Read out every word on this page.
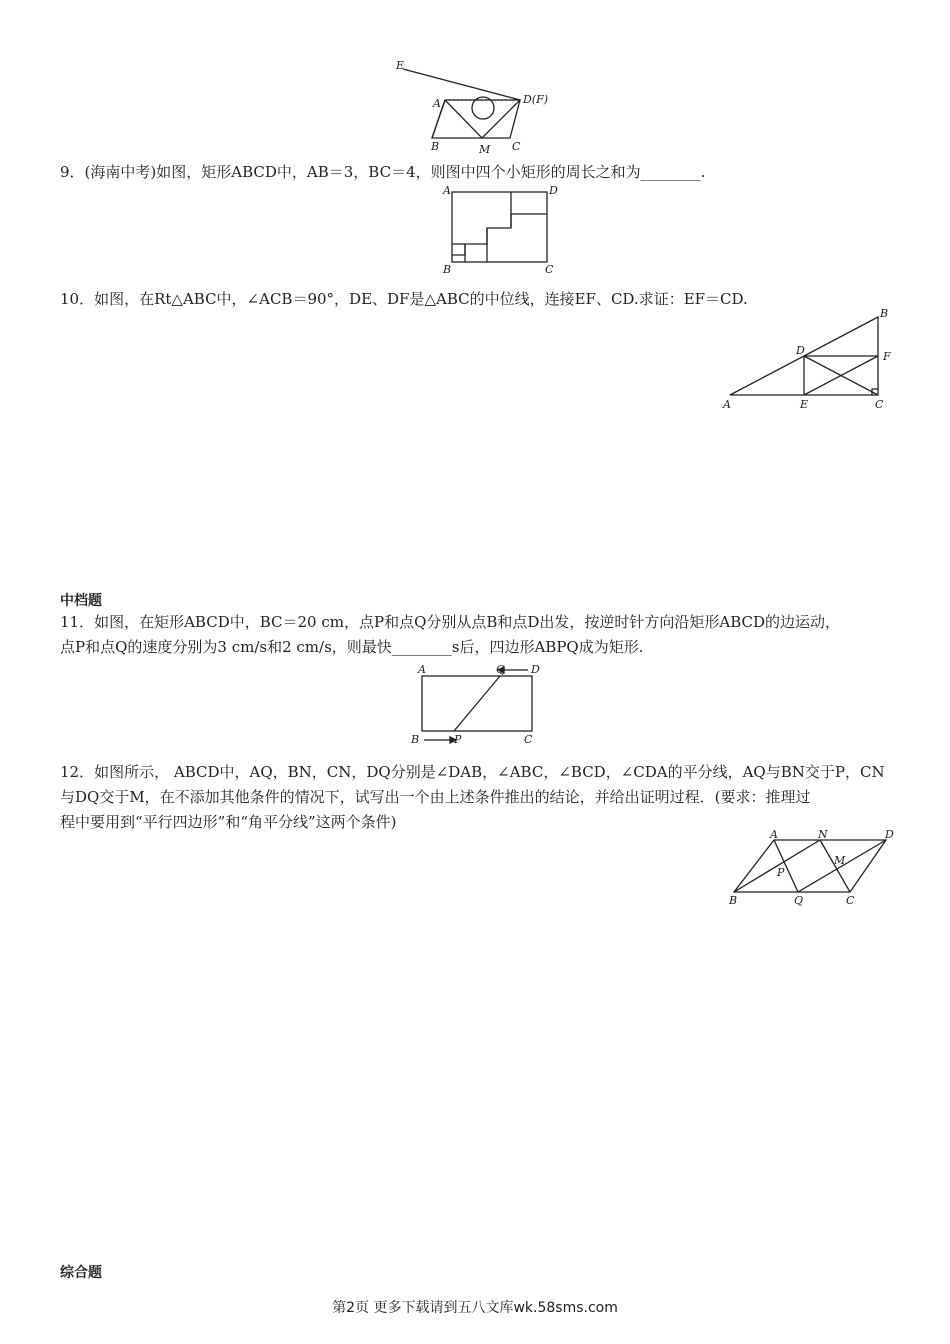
E
A	D(F)
B	M C
9．(海南中考)如图，矩形ABCD中，AB＝3，BC＝4，则图中四个小矩形的周长之和为________.
A	D
B	C
10．如图，在Rt△ABC中，∠ACB＝90°，DE、DF是△ABC的中位线，连接EF、CD.求证：EF＝CD.
B
D	F
A	E	C
中档题
11．如图，在矩形ABCD中，BC＝20 cm，点P和点Q分别从点B和点D出发，按逆时针方向沿矩形ABCD的边运动，
点P和点Q的速度分别为3 cm/s和2 cm/s，则最快________s后，四边形ABPQ成为矩形.
A	Q D
B	P	C
12．如图所示， ABCD中，AQ，BN，CN，DQ分别是∠DAB，∠ABC，∠BCD，∠CDA的平分线，AQ与BN交于P，CN
与DQ交于M，在不添加其他条件的情况下，试写出一个由上述条件推出的结论，并给出证明过程．(要求：推理过
程中要用到“平行四边形”和“角平分线”这两个条件)
A	N	D
M
P
B	Q	C
综合题
第2页 更多下载请到五八文库wk.58sms.com
